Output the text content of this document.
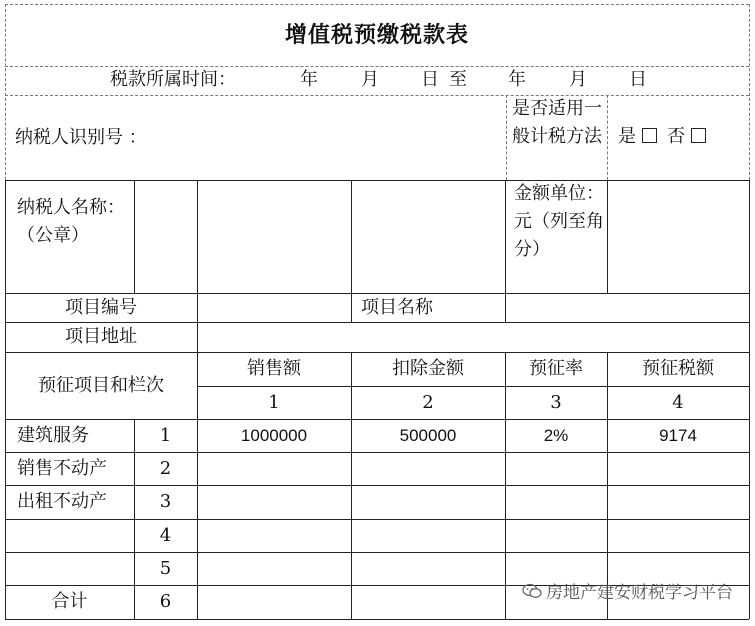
增值税预缴税款表
税款所属时间：	年 月 日 至 年 月 日
纳税人识别号 ：
是否适用一般计税方法 是 否
纳税人名称：（公章）
金额单位：元（列至角分）
项目编号	项目名称
项目地址
预征项目和栏次
销售额	扣除金额	预征率	预征税额
1	2	3	4
建筑服务	1	1000000	500000	2%	9174
销售不动产	2
出租不动产	3
4
5
合计	6	房地产建安财税学习平台
